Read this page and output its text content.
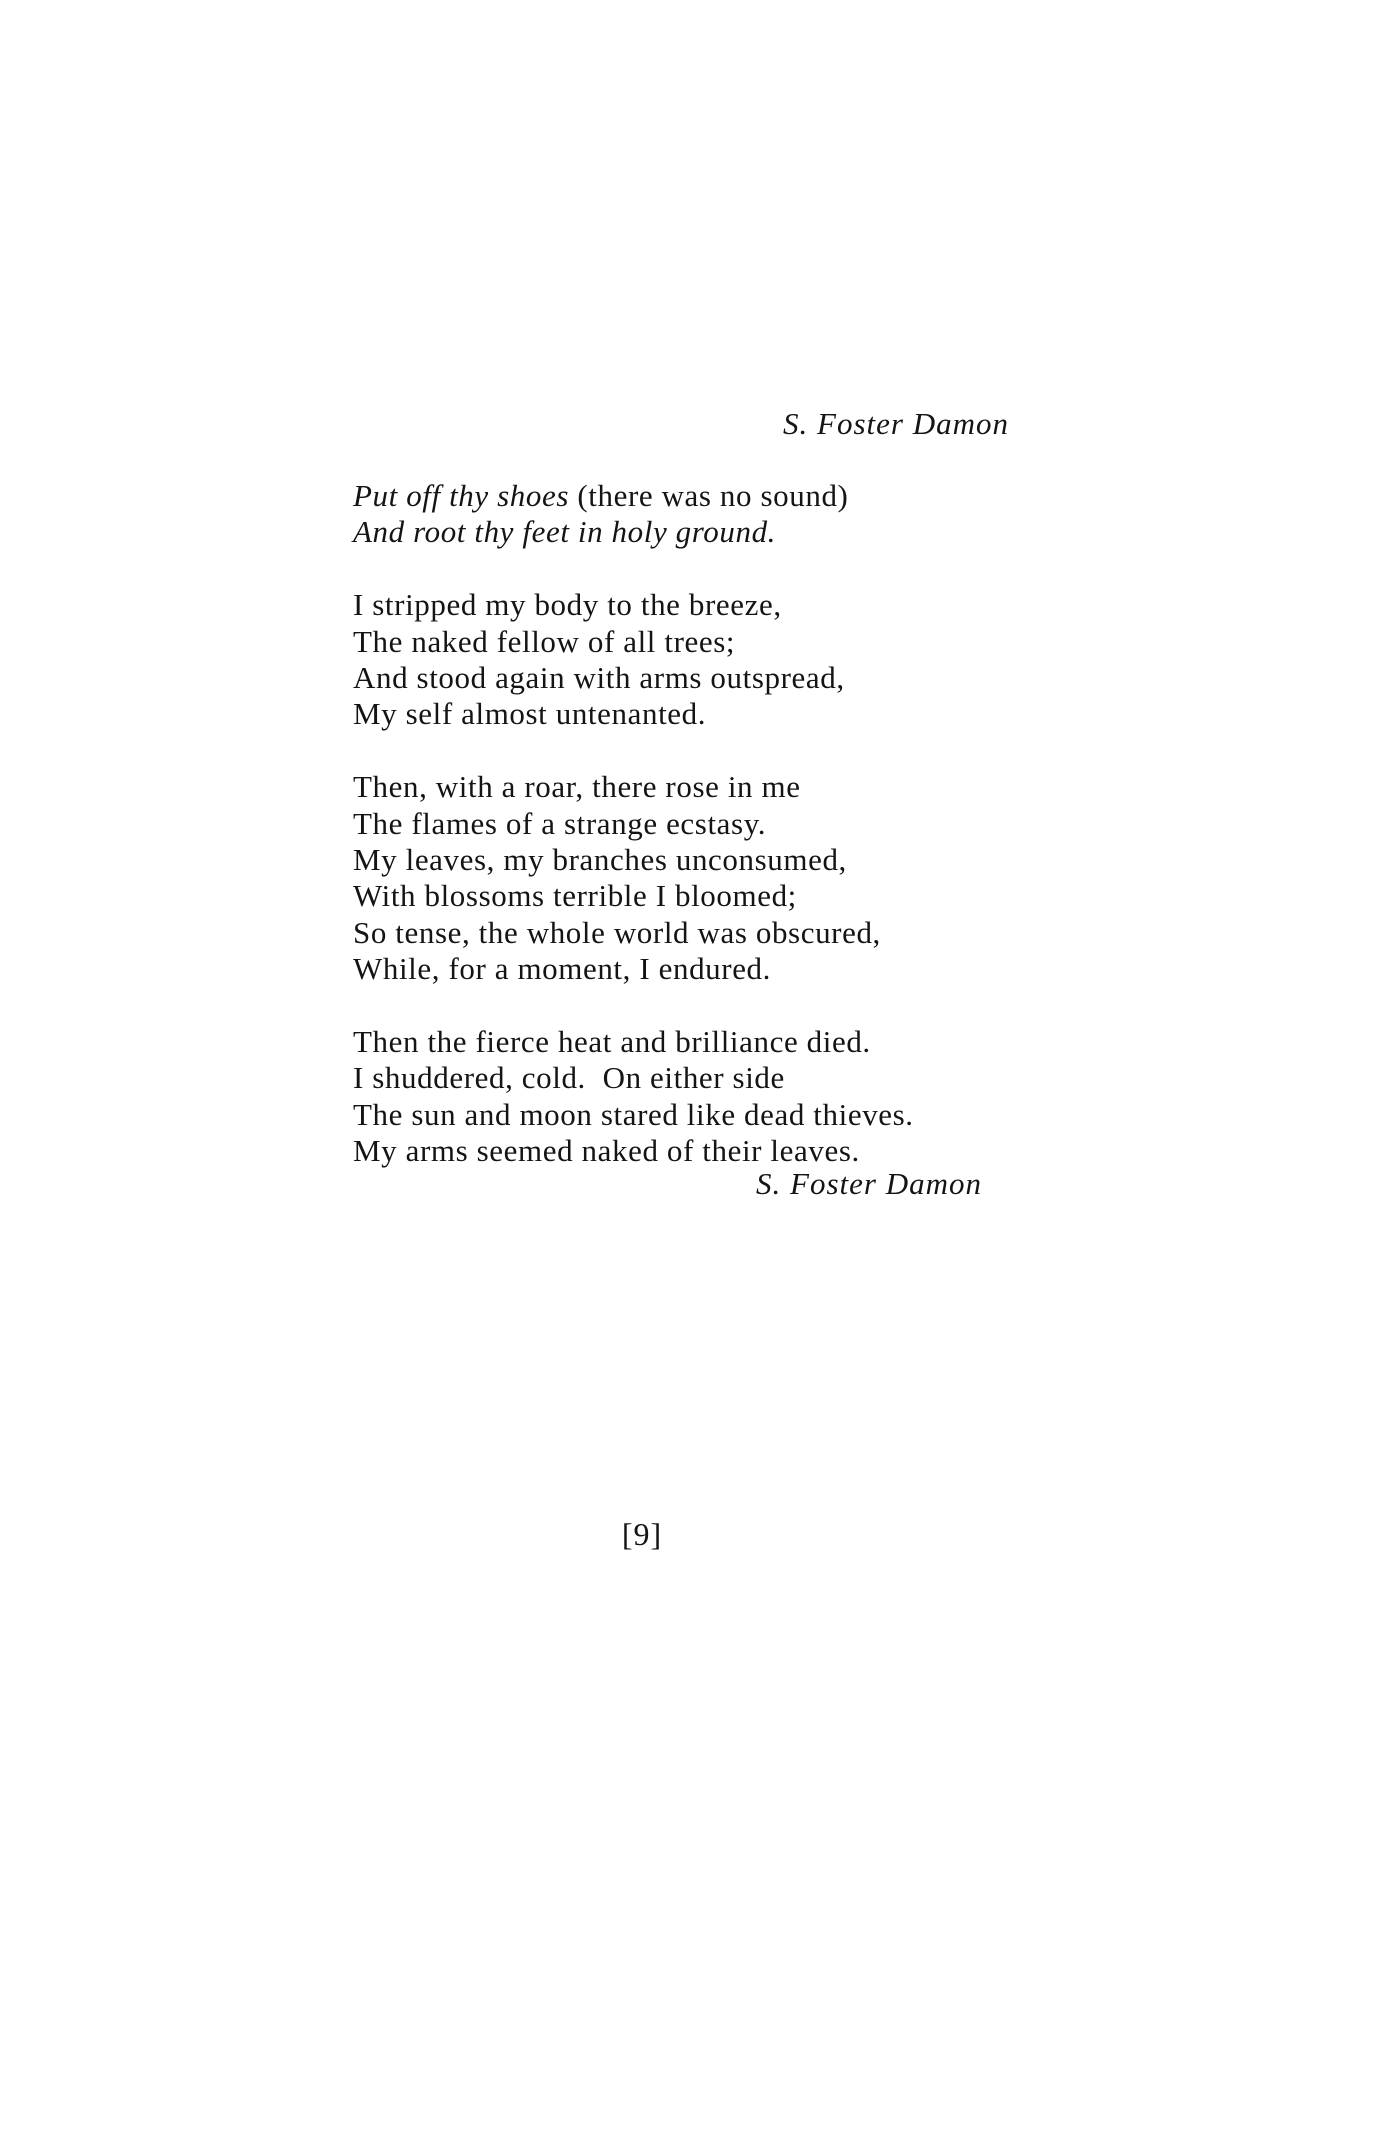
S. Foster Damon
Put off thy shoes (there was no sound)
And root thy feet in holy ground.
I stripped my body to the breeze,
The naked fellow of all trees;
And stood again with arms outspread,
My self almost untenanted.
Then, with a roar, there rose in me
The flames of a strange ecstasy.
My leaves, my branches unconsumed,
With blossoms terrible I bloomed;
So tense, the whole world was obscured,
While, for a moment, I endured.
Then the fierce heat and brilliance died.
I shuddered, cold.  On either side
The sun and moon stared like dead thieves.
My arms seemed naked of their leaves.
S. Foster Damon
[9]
